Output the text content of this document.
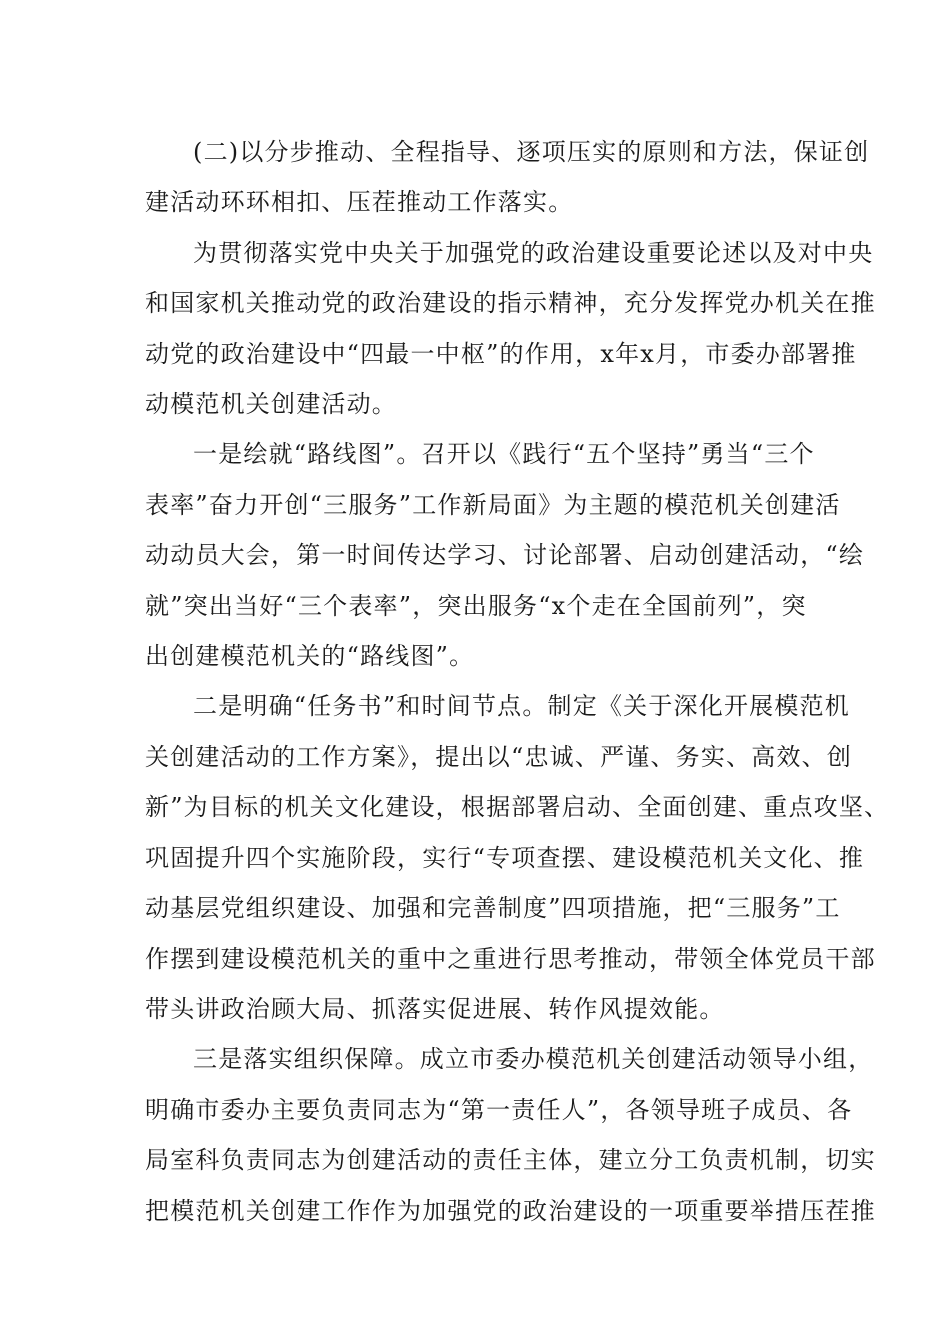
(二)以分步推动、全程指导、逐项压实的原则和方法，保证创
建活动环环相扣、压茬推动工作落实。
为贯彻落实党中央关于加强党的政治建设重要论述以及对中央
和国家机关推动党的政治建设的指示精神，充分发挥党办机关在推
动党的政治建设中“四最一中枢”的作用，x年x月，市委办部署推
动模范机关创建活动。
一是绘就“路线图”。召开以《践行“五个坚持”勇当“三个
表率”奋力开创“三服务”工作新局面》为主题的模范机关创建活
动动员大会，第一时间传达学习、讨论部署、启动创建活动，“绘
就”突出当好“三个表率”，突出服务“x个走在全国前列”，突
出创建模范机关的“路线图”。
二是明确“任务书”和时间节点。制定《关于深化开展模范机
关创建活动的工作方案》，提出以“忠诚、严谨、务实、高效、创
新”为目标的机关文化建设，根据部署启动、全面创建、重点攻坚、
巩固提升四个实施阶段，实行“专项查摆、建设模范机关文化、推
动基层党组织建设、加强和完善制度”四项措施，把“三服务”工
作摆到建设模范机关的重中之重进行思考推动，带领全体党员干部
带头讲政治顾大局、抓落实促进展、转作风提效能。
三是落实组织保障。成立市委办模范机关创建活动领导小组，
明确市委办主要负责同志为“第一责任人”，各领导班子成员、各
局室科负责同志为创建活动的责任主体，建立分工负责机制，切实
把模范机关创建工作作为加强党的政治建设的一项重要举措压茬推
